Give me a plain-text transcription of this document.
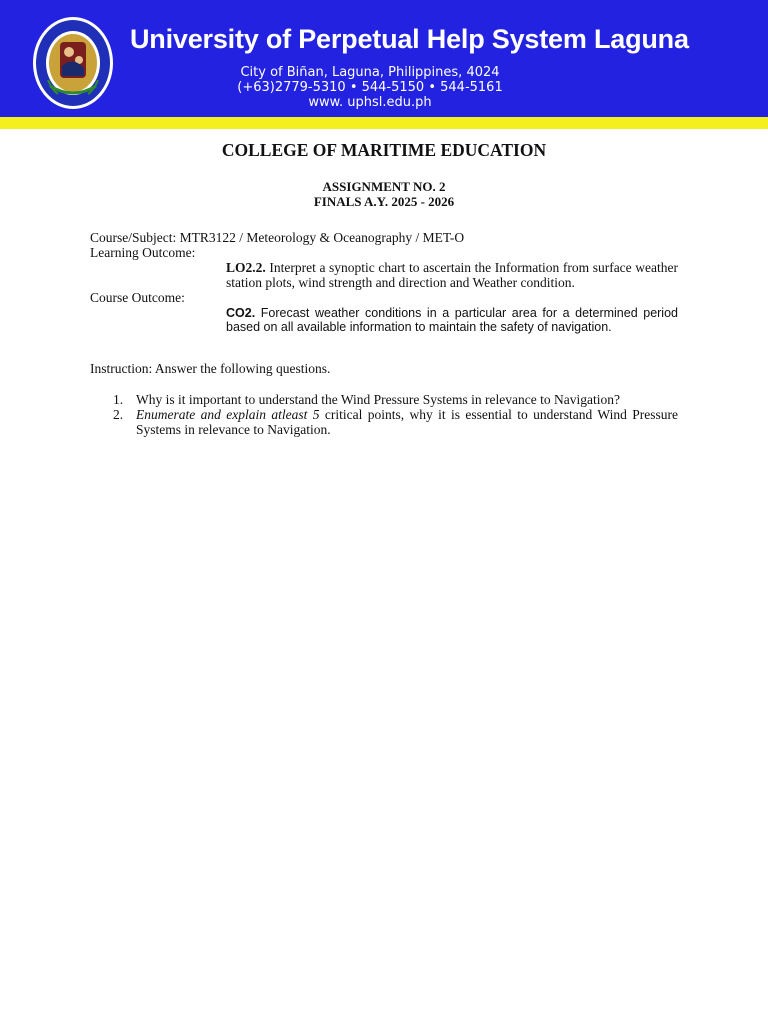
University of Perpetual Help System Laguna
City of Biñan, Laguna, Philippines, 4024
(+63)2779-5310 • 544-5150 • 544-5161
www. uphsl.edu.ph
COLLEGE OF MARITIME EDUCATION
ASSIGNMENT NO. 2
FINALS A.Y. 2025 - 2026
Course/Subject: MTR3122 / Meteorology & Oceanography / MET-O
Learning Outcome:
LO2.2. Interpret a synoptic chart to ascertain the Information from surface weather station plots, wind strength and direction and Weather condition.
Course Outcome:
CO2. Forecast weather conditions in a particular area for a determined period based on all available information to maintain the safety of navigation.
Instruction: Answer the following questions.
1. Why is it important to understand the Wind Pressure Systems in relevance to Navigation?
2. Enumerate and explain atleast 5 critical points, why it is essential to understand Wind Pressure Systems in relevance to Navigation.
